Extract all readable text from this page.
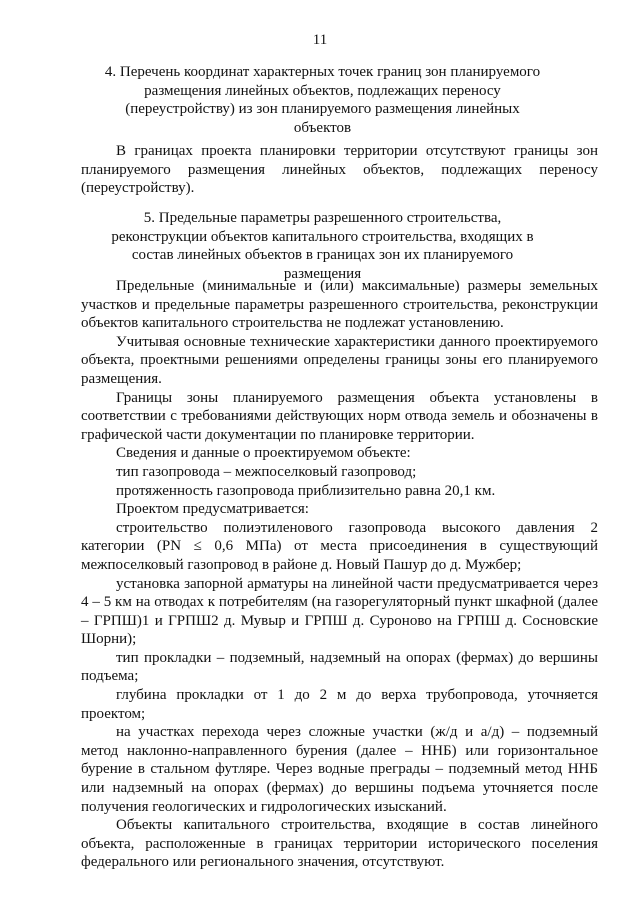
11
4. Перечень координат характерных точек границ зон планируемого размещения линейных объектов, подлежащих переносу (переустройству) из зон планируемого размещения линейных объектов

В границах проекта планировки территории отсутствуют границы зон планируемого размещения линейных объектов, подлежащих переносу (переустройству).

5. Предельные параметры разрешенного строительства, реконструкции объектов капитального строительства, входящих в состав линейных объектов в границах зон их планируемого размещения

Предельные (минимальные и (или) максимальные) размеры земельных участков и предельные параметры разрешенного строительства, реконструкции объектов капитального строительства не подлежат установлению.

Учитывая основные технические характеристики данного проектируемого объекта, проектными решениями определены границы зоны его планируемого размещения.

Границы зоны планируемого размещения объекта установлены в соответствии с требованиями действующих норм отвода земель и обозначены в графической части документации по планировке территории.

Сведения и данные о проектируемом объекте:

тип газопровода – межпоселковый газопровод;

протяженность газопровода приблизительно равна 20,1 км.

Проектом предусматривается:

строительство полиэтиленового газопровода высокого давления 2 категории (PN ≤ 0,6 МПа) от места присоединения в существующий межпоселковый газопровод в районе д. Новый Пашур до д. Мужбер;

установка запорной арматуры на линейной части предусматривается через 4 – 5 км на отводах к потребителям (на газорегуляторный пункт шкафной (далее – ГРПШ)1 и ГРПШ2 д. Мувыр и ГРПШ д. Суроново на ГРПШ д. Сосновские Шорни);

тип прокладки – подземный, надземный на опорах (фермах) до вершины подъема;

глубина прокладки от 1 до 2 м до верха трубопровода, уточняется проектом;

на участках перехода через сложные участки (ж/д и а/д) – подземный метод наклонно-направленного бурения (далее – ННБ) или горизонтальное бурение в стальном футляре. Через водные преграды – подземный метод ННБ или надземный на опорах (фермах) до вершины подъема уточняется после получения геологических и гидрологических изысканий.

Объекты капитального строительства, входящие в состав линейного объекта, расположенные в границах территории исторического поселения федерального или регионального значения, отсутствуют.
